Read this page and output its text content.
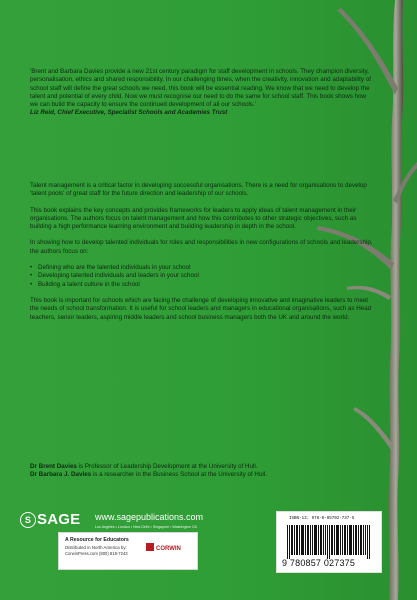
'Brent and Barbara Davies provide a new 21st century paradigm for staff development in schools. They champion diversity, personalisation, ethics and shared responsibility. In our challenging times, when the creativity, innovation and adaptability of school staff will define the great schools we need, this book will be essential reading. We know that we need to develop the talent and potential of every child. Now we must recognise our need to do the same for school staff. This book shows how we can build the capacity to ensure the continued development of all our schools.'

Liz Reid, Chief Executive, Specialist Schools and Academies Trust

Talent management is a critical factor in developing successful organisations. There is a need for organisations to develop 'talent pools' of great staff for the future direction and leadership of our schools.

This book explains the key concepts and provides frameworks for leaders to apply ideas of talent management in their organisations. The authors focus on talent management and how this contributes to other strategic objectives, such as building a high performance learning environment and building leadership in depth in the school.

In showing how to develop talented individuals for roles and responsibilities in new configurations of schools and leadership, the authors focus on:

• Defining who are the talented individuals in your school
• Developing talented individuals and leaders in your school
• Building a talent culture in the school

This book is important for schools which are facing the challenge of developing innovative and imaginative leaders to meet the needs of school transformation. It is useful for school leaders and managers in educational organisations, such as Head teachers, senior leaders, aspiring middle leaders and school business managers both the UK and around the world.

Dr Brent Davies is Professor of Leadership Development at the University of Hull.

Dr Barbara J. Davies is a researcher in the Business School at the University of Hull.

S SAGE www.sagepublications.com
Los Angeles • London • New Delhi • Singapore • Washington DC
A Resource for Educators
Distributed in North America by:
CorwinPress.com (800) 818-7243
CORWIN
ISBN-13: 978-0-85702-737-5
9 780857 027375
